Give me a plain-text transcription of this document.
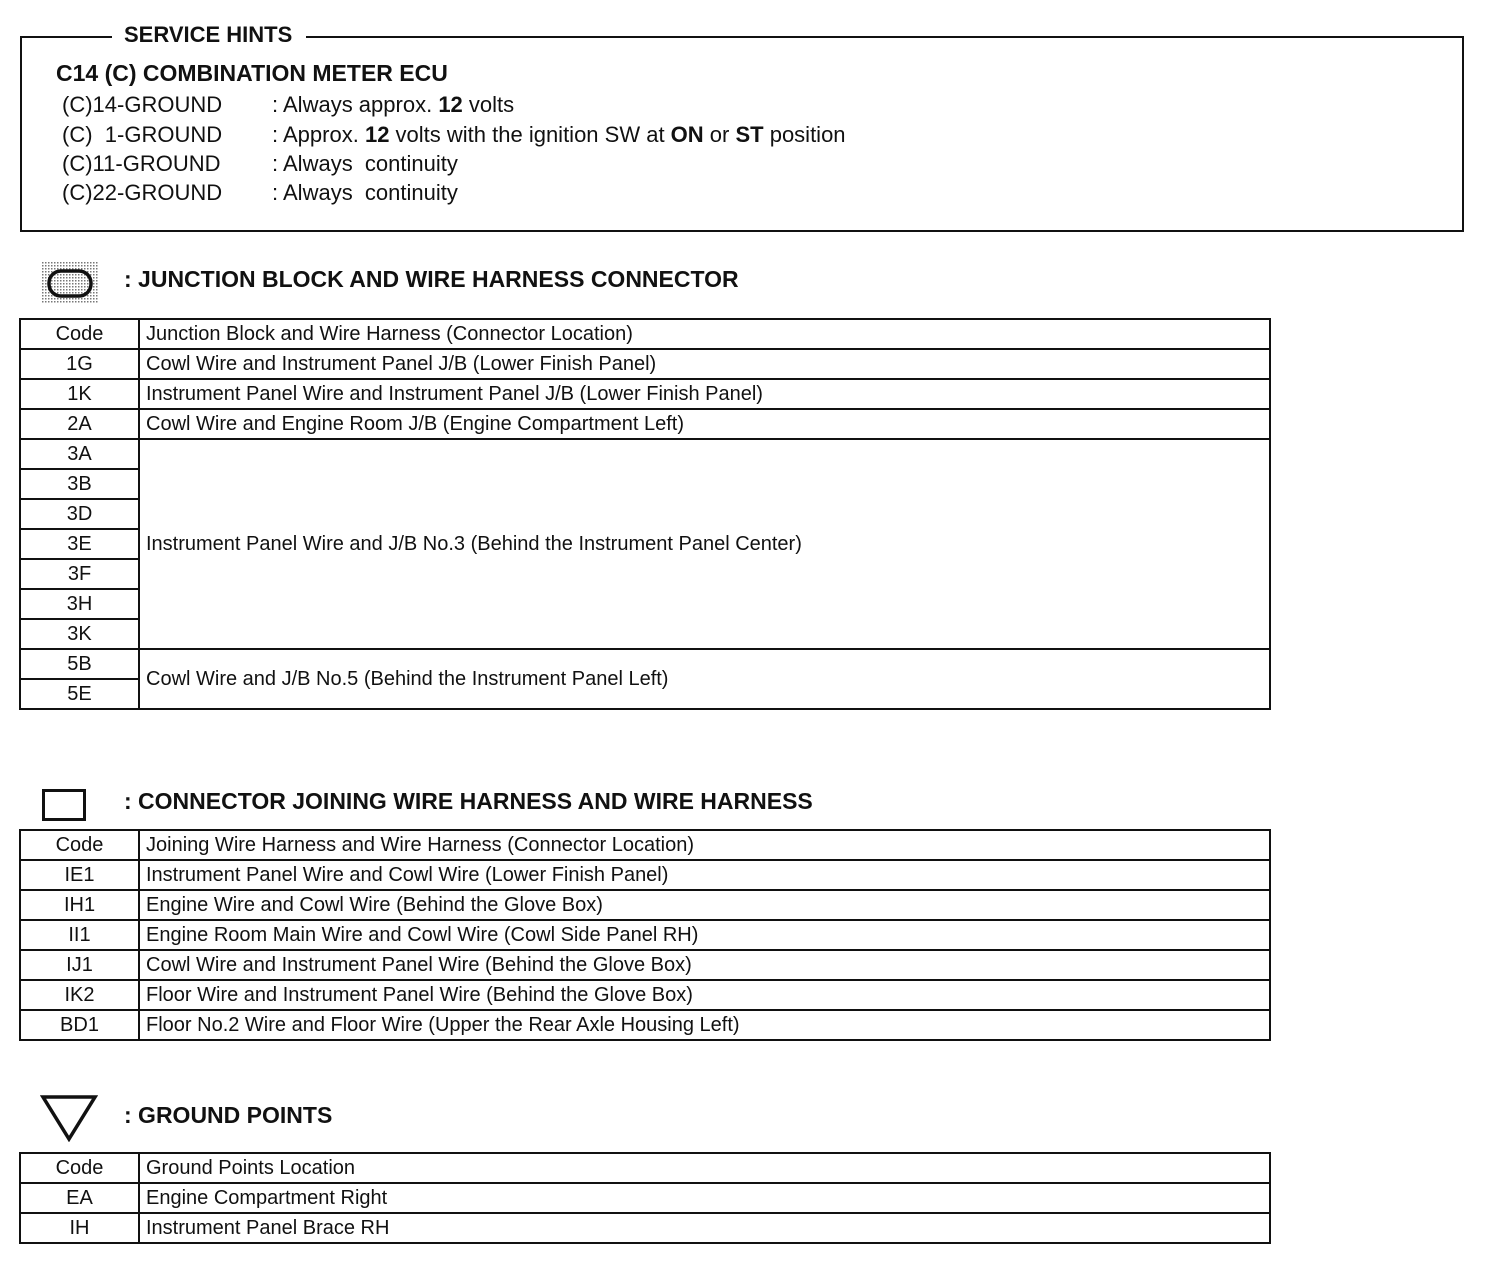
SERVICE HINTS
C14 (C) COMBINATION METER ECU
(C)14-GROUND : Always approx. 12 volts
(C)  1-GROUND : Approx. 12 volts with the ignition SW at ON or ST position
(C)11-GROUND : Always  continuity
(C)22-GROUND : Always  continuity
: JUNCTION BLOCK AND WIRE HARNESS CONNECTOR
Code	Junction Block and Wire Harness (Connector Location)
1G	Cowl Wire and Instrument Panel J/B (Lower Finish Panel)
1K	Instrument Panel Wire and Instrument Panel J/B (Lower Finish Panel)
2A	Cowl Wire and Engine Room J/B (Engine Compartment Left)
3A	Instrument Panel Wire and J/B No.3 (Behind the Instrument Panel Center)
3B	
3D	
3E	
3F	
3H	
3K	
5B	Cowl Wire and J/B No.5 (Behind the Instrument Panel Left)
5E	
: CONNECTOR JOINING WIRE HARNESS AND WIRE HARNESS
Code	Joining Wire Harness and Wire Harness (Connector Location)
IE1	Instrument Panel Wire and Cowl Wire (Lower Finish Panel)
IH1	Engine Wire and Cowl Wire (Behind the Glove Box)
II1	Engine Room Main Wire and Cowl Wire (Cowl Side Panel RH)
IJ1	Cowl Wire and Instrument Panel Wire (Behind the Glove Box)
IK2	Floor Wire and Instrument Panel Wire (Behind the Glove Box)
BD1	Floor No.2 Wire and Floor Wire (Upper the Rear Axle Housing Left)
: GROUND POINTS
Code	Ground Points Location
EA	Engine Compartment Right
IH	Instrument Panel Brace RH
